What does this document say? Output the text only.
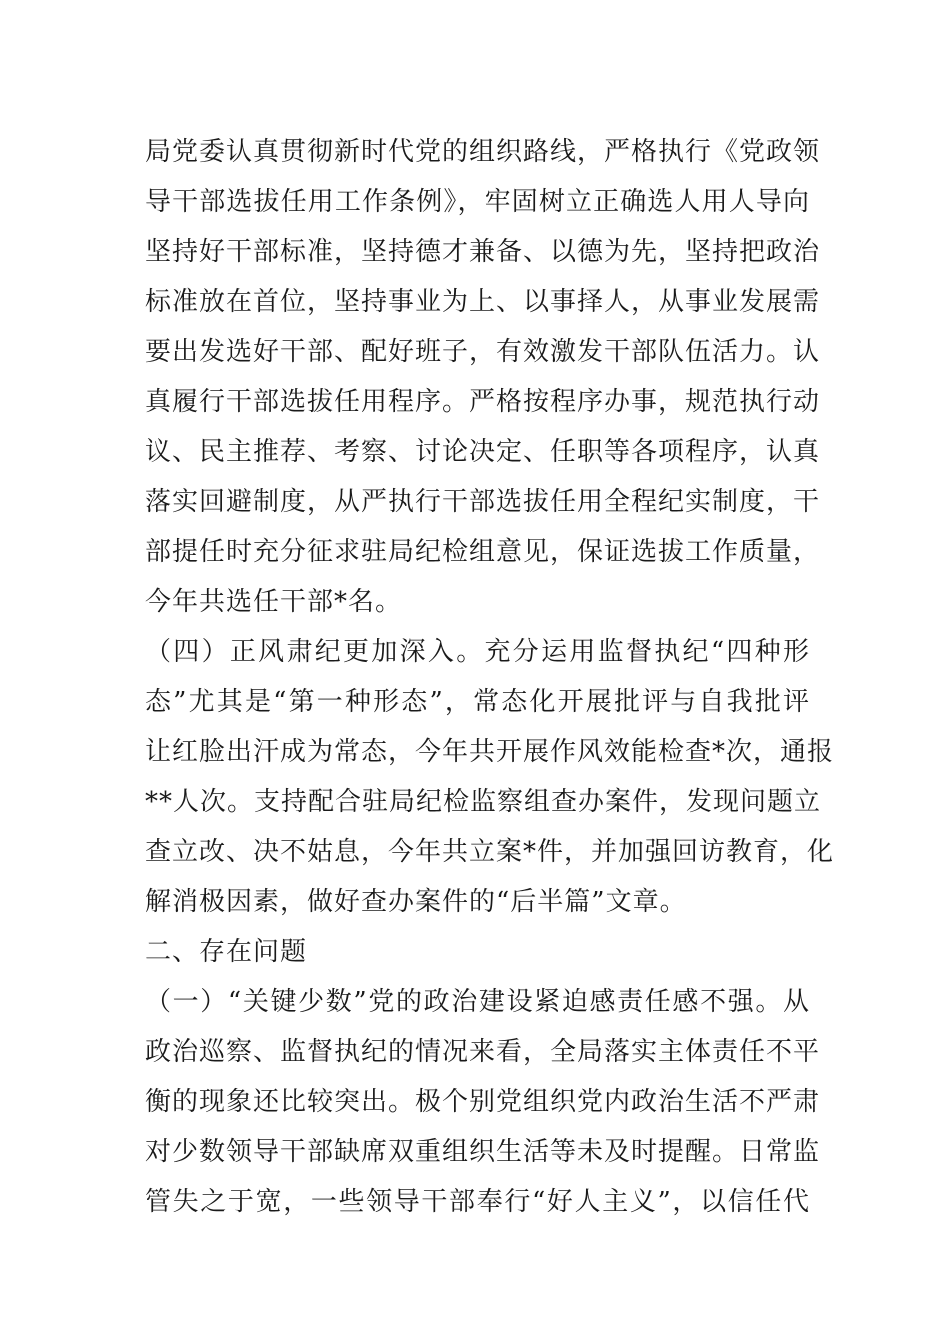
局党委认真贯彻新时代党的组织路线，严格执行《党政领
导干部选拔任用工作条例》，牢固树立正确选人用人导向
坚持好干部标准，坚持德才兼备、以德为先，坚持把政治
标准放在首位，坚持事业为上、以事择人，从事业发展需
要出发选好干部、配好班子，有效激发干部队伍活力。认
真履行干部选拔任用程序。严格按程序办事，规范执行动
议、民主推荐、考察、讨论决定、任职等各项程序，认真
落实回避制度，从严执行干部选拔任用全程纪实制度，干
部提任时充分征求驻局纪检组意见，保证选拔工作质量，
今年共选任干部*名。
（四）正风肃纪更加深入。充分运用监督执纪“四种形
态”尤其是“第一种形态”，常态化开展批评与自我批评
让红脸出汗成为常态，今年共开展作风效能检查*次，通报
**人次。支持配合驻局纪检监察组查办案件，发现问题立
查立改、决不姑息，今年共立案*件，并加强回访教育，化
解消极因素，做好查办案件的“后半篇”文章。
二、存在问题
（一）“关键少数”党的政治建设紧迫感责任感不强。从
政治巡察、监督执纪的情况来看，全局落实主体责任不平
衡的现象还比较突出。极个别党组织党内政治生活不严肃
对少数领导干部缺席双重组织生活等未及时提醒。日常监
管失之于宽，一些领导干部奉行“好人主义”，以信任代
